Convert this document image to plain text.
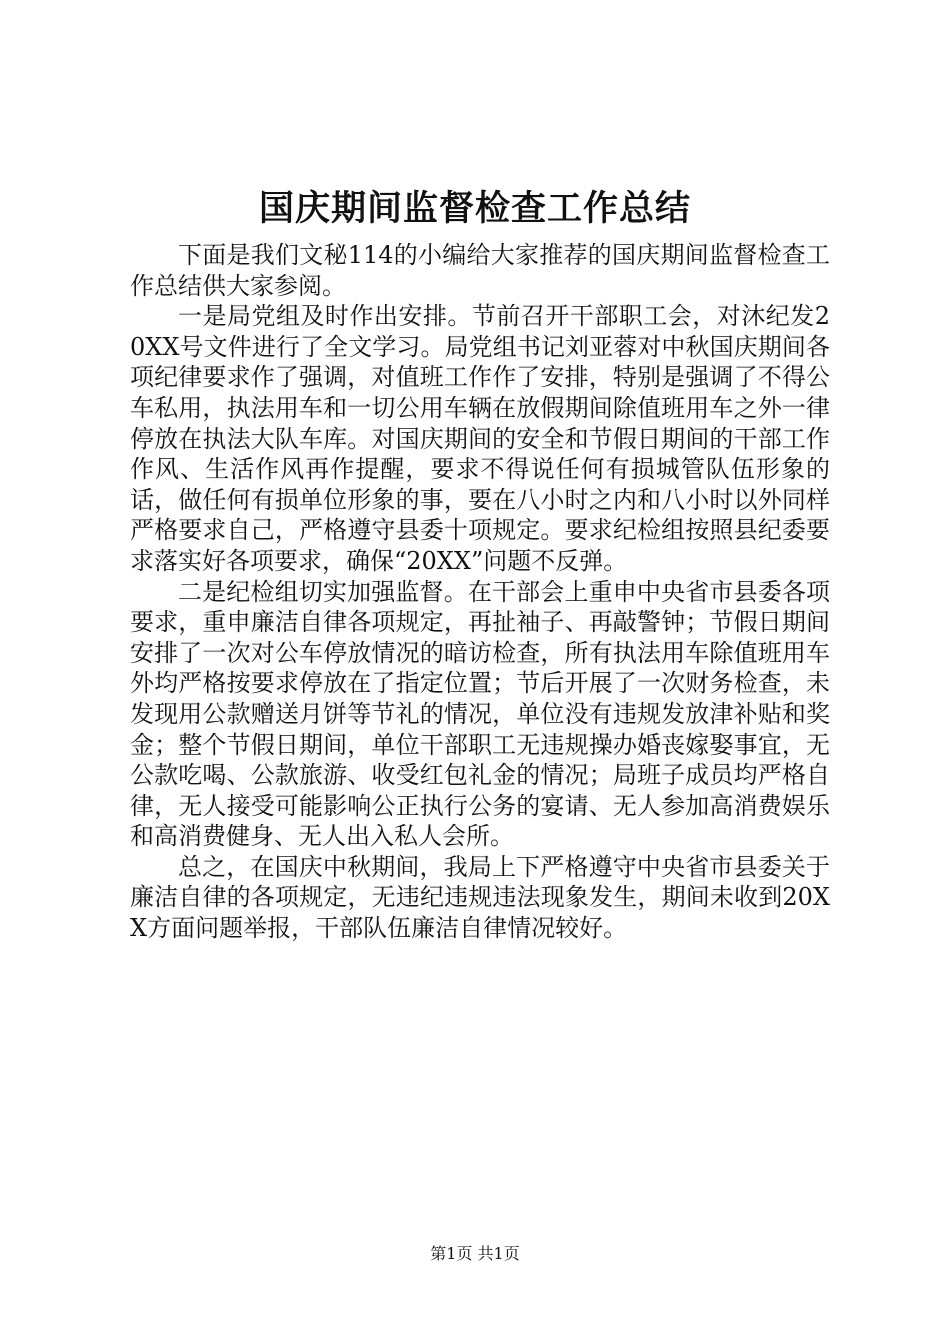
国庆期间监督检查工作总结

下面是我们文秘114的小编给大家推荐的国庆期间监督检查工作总结供大家参阅。

一是局党组及时作出安排。节前召开干部职工会，对沐纪发20XX号文件进行了全文学习。局党组书记刘亚蓉对中秋国庆期间各项纪律要求作了强调，对值班工作作了安排，特别是强调了不得公车私用，执法用车和一切公用车辆在放假期间除值班用车之外一律停放在执法大队车库。对国庆期间的安全和节假日期间的干部工作作风、生活作风再作提醒，要求不得说任何有损城管队伍形象的话，做任何有损单位形象的事，要在八小时之内和八小时以外同样严格要求自己，严格遵守县委十项规定。要求纪检组按照县纪委要求落实好各项要求，确保“20XX”问题不反弹。

二是纪检组切实加强监督。在干部会上重申中央省市县委各项要求，重申廉洁自律各项规定，再扯袖子、再敲警钟；节假日期间安排了一次对公车停放情况的暗访检查，所有执法用车除值班用车外均严格按要求停放在了指定位置；节后开展了一次财务检查，未发现用公款赠送月饼等节礼的情况，单位没有违规发放津补贴和奖金；整个节假日期间，单位干部职工无违规操办婚丧嫁娶事宜，无公款吃喝、公款旅游、收受红包礼金的情况；局班子成员均严格自律，无人接受可能影响公正执行公务的宴请、无人参加高消费娱乐和高消费健身、无人出入私人会所。

总之，在国庆中秋期间，我局上下严格遵守中央省市县委关于廉洁自律的各项规定，无违纪违规违法现象发生，期间未收到20XX方面问题举报，干部队伍廉洁自律情况较好。

第1页 共1页
